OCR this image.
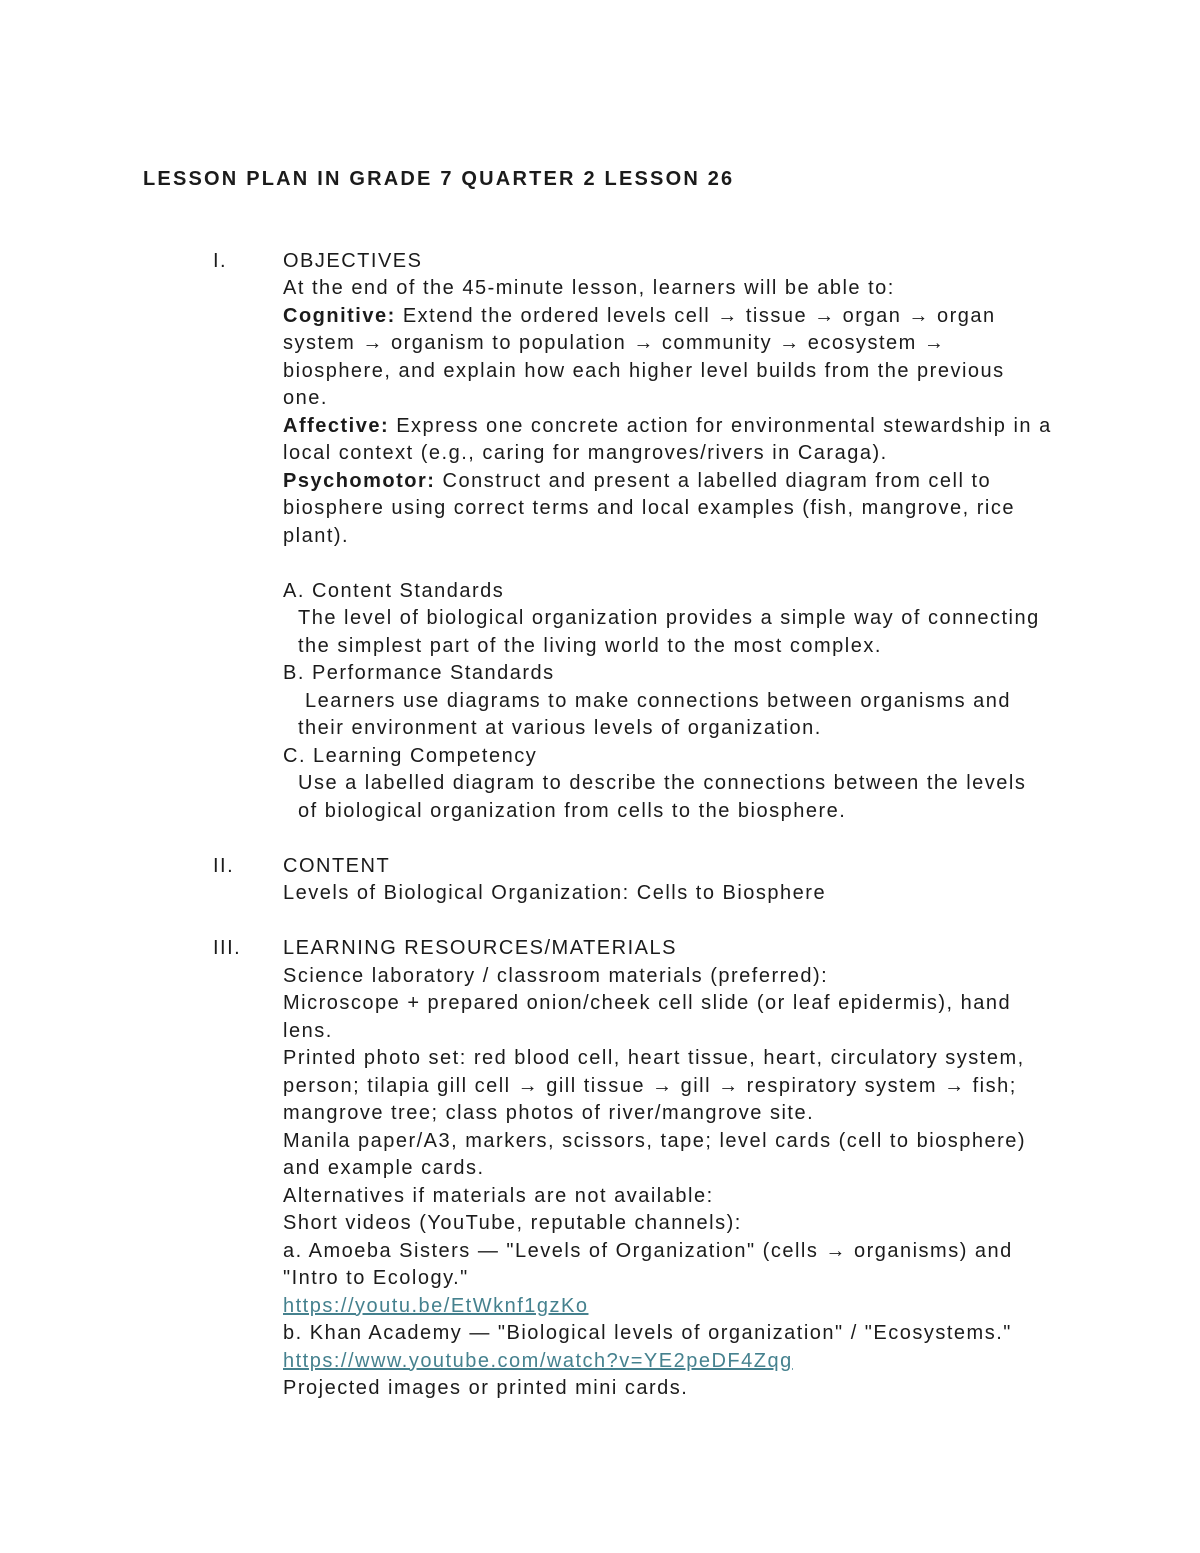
LESSON PLAN IN GRADE 7 QUARTER 2 LESSON 26
I.	OBJECTIVES
At the end of the 45-minute lesson, learners will be able to:
Cognitive: Extend the ordered levels cell → tissue → organ → organ
system → organism to population → community → ecosystem →
biosphere, and explain how each higher level builds from the previous
one.
Affective: Express one concrete action for environmental stewardship in a
local context (e.g., caring for mangroves/rivers in Caraga).
Psychomotor: Construct and present a labelled diagram from cell to
biosphere using correct terms and local examples (fish, mangrove, rice
plant).
A. Content Standards
The level of biological organization provides a simple way of connecting
the simplest part of the living world to the most complex.
B. Performance Standards
Learners use diagrams to make connections between organisms and
their environment at various levels of organization.
C. Learning Competency
Use a labelled diagram to describe the connections between the levels
of biological organization from cells to the biosphere.
II.	CONTENT
Levels of Biological Organization: Cells to Biosphere
III.	LEARNING RESOURCES/MATERIALS
Science laboratory / classroom materials (preferred):
Microscope + prepared onion/cheek cell slide (or leaf epidermis), hand
lens.
Printed photo set: red blood cell, heart tissue, heart, circulatory system,
person; tilapia gill cell → gill tissue → gill → respiratory system → fish;
mangrove tree; class photos of river/mangrove site.
Manila paper/A3, markers, scissors, tape; level cards (cell to biosphere)
and example cards.
Alternatives if materials are not available:
Short videos (YouTube, reputable channels):
a. Amoeba Sisters — "Levels of Organization" (cells → organisms) and
"Intro to Ecology."
https://youtu.be/EtWknf1gzKo
b. Khan Academy — "Biological levels of organization" / "Ecosystems."
https://www.youtube.com/watch?v=YE2peDF4Zqg
Projected images or printed mini cards.
